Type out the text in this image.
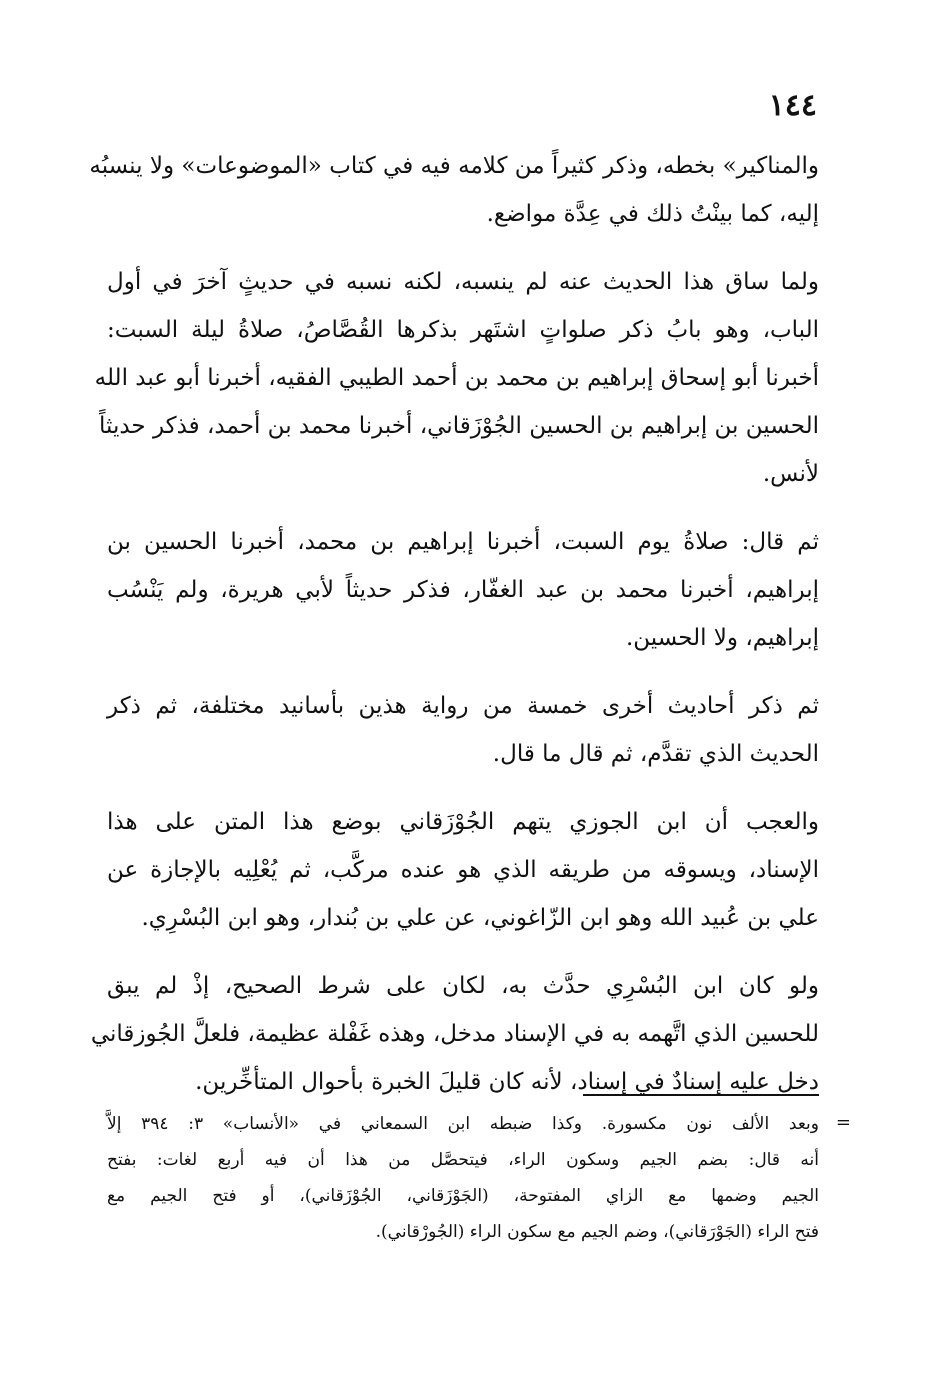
١٤٤

والمناكير» بخطه، وذكر كثيراً من كلامه فيه في كتاب «الموضوعات» ولا ينسبُه
إليه، كما بينْتُ ذلك في عِدَّة مواضع.

ولما ساق هذا الحديث عنه لم ينسبه، لكنه نسبه في حديثٍ آخرَ في أول
الباب، وهو بابُ ذكر صلواتٍ اشتَهر بذكرها القُصَّاصُ، صلاةُ ليلة السبت:
أخبرنا أبو إسحاق إبراهيم بن محمد بن أحمد الطيبي الفقيه، أخبرنا أبو عبد الله
الحسين بن إبراهيم بن الحسين الجُوْزَقاني، أخبرنا محمد بن أحمد، فذكر حديثاً
لأنس.

ثم قال: صلاةُ يوم السبت، أخبرنا إبراهيم بن محمد، أخبرنا الحسين بن
إبراهيم، أخبرنا محمد بن عبد الغفّار، فذكر حديثاً لأبي هريرة، ولم يَنْسُب
إبراهيم، ولا الحسين.

ثم ذكر أحاديث أخرى خمسة من رواية هذين بأسانيد مختلفة، ثم ذكر
الحديث الذي تقدَّم، ثم قال ما قال.

والعجب أن ابن الجوزي يتهم الجُوْزَقاني بوضع هذا المتن على هذا
الإسناد، ويسوقه من طريقه الذي هو عنده مركَّب، ثم يُعْلِيه بالإجازة عن
علي بن عُبيد الله وهو ابن الزّاغوني، عن علي بن بُندار، وهو ابن البُسْرِي.

ولو كان ابن البُسْرِي حدَّث به، لكان على شرط الصحيح، إذْ لم يبق
للحسين الذي اتَّهمه به في الإسناد مدخل، وهذه غَفْلة عظيمة، فلعلَّ الجُوزقاني
دخل عليه إسنادٌ في إسناد، لأنه كان قليلَ الخبرة بأحوال المتأخِّرين.

=
وبعد الألف نون مكسورة. وكذا ضبطه ابن السمعاني في «الأنساب» ٣: ٣٩٤ إلاَّ
أنه قال: بضم الجيم وسكون الراء، فيتحصَّل من هذا أن فيه أربع لغات: بفتح
الجيم وضمها مع الزاي المفتوحة، (الجَوْزَقاني، الجُوْزَقاني)، أو فتح الجيم مع
فتح الراء (الجَوْرَقاني)، وضم الجيم مع سكون الراء (الجُورْقاني).
